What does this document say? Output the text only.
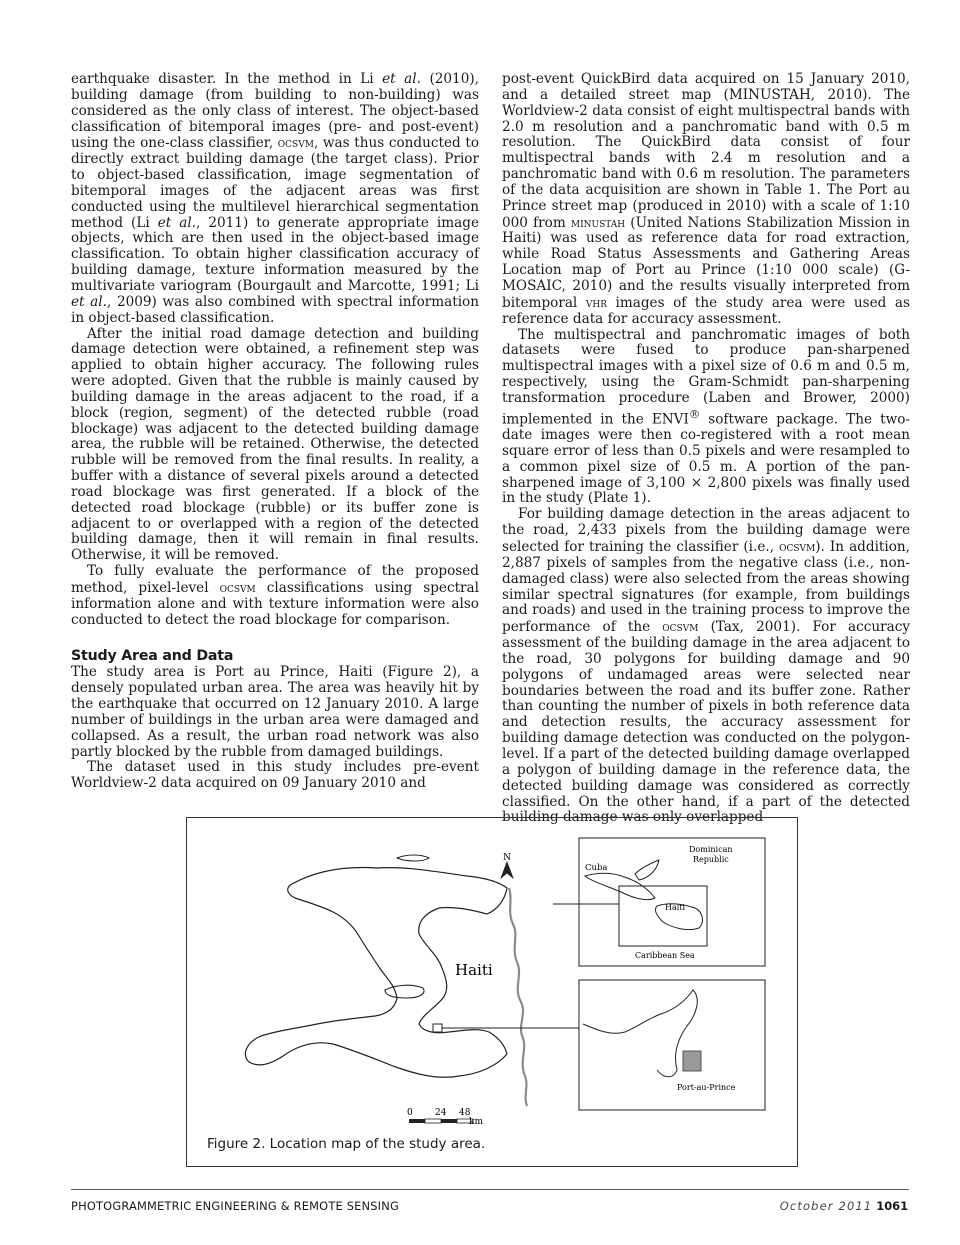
earthquake disaster. In the method in Li et al. (2010), building damage (from building to non-building) was considered as the only class of interest. The object-based classification of bitemporal images (pre- and post-event) using the one-class classifier, ocsvm, was thus conducted to directly extract building damage (the target class). Prior to object-based classification, image segmentation of bitemporal images of the adjacent areas was first conducted using the multilevel hierarchical segmentation method (Li et al., 2011) to generate appropriate image objects, which are then used in the object-based image classification. To obtain higher classification accuracy of building damage, texture information measured by the multivariate variogram (Bourgault and Marcotte, 1991; Li et al., 2009) was also combined with spectral information in object-based classification.

After the initial road damage detection and building damage detection were obtained, a refinement step was applied to obtain higher accuracy. The following rules were adopted. Given that the rubble is mainly caused by building damage in the areas adjacent to the road, if a block (region, segment) of the detected rubble (road blockage) was adjacent to the detected building damage area, the rubble will be retained. Otherwise, the detected rubble will be removed from the final results. In reality, a buffer with a distance of several pixels around a detected road blockage was first generated. If a block of the detected road blockage (rubble) or its buffer zone is adjacent to or overlapped with a region of the detected building damage, then it will remain in final results. Otherwise, it will be removed.

To fully evaluate the performance of the proposed method, pixel-level ocsvm classifications using spectral information alone and with texture information were also conducted to detect the road blockage for comparison.

Study Area and Data

The study area is Port au Prince, Haiti (Figure 2), a densely populated urban area. The area was heavily hit by the earthquake that occurred on 12 January 2010. A large number of buildings in the urban area were damaged and collapsed. As a result, the urban road network was also partly blocked by the rubble from damaged buildings.

The dataset used in this study includes pre-event Worldview-2 data acquired on 09 January 2010 and

post-event QuickBird data acquired on 15 January 2010, and a detailed street map (MINUSTAH, 2010). The Worldview-2 data consist of eight multispectral bands with 2.0 m resolution and a panchromatic band with 0.5 m resolution. The QuickBird data consist of four multispectral bands with 2.4 m resolution and a panchromatic band with 0.6 m resolution. The parameters of the data acquisition are shown in Table 1. The Port au Prince street map (produced in 2010) with a scale of 1:10 000 from minustah (United Nations Stabilization Mission in Haiti) was used as reference data for road extraction, while Road Status Assessments and Gathering Areas Location map of Port au Prince (1:10 000 scale) (G-MOSAIC, 2010) and the results visually interpreted from bitemporal vhr images of the study area were used as reference data for accuracy assessment.

The multispectral and panchromatic images of both datasets were fused to produce pan-sharpened multispectral images with a pixel size of 0.6 m and 0.5 m, respectively, using the Gram-Schmidt pan-sharpening transformation procedure (Laben and Brower, 2000) implemented in the ENVI® software package. The two-date images were then co-registered with a root mean square error of less than 0.5 pixels and were resampled to a common pixel size of 0.5 m. A portion of the pan-sharpened image of 3,100 × 2,800 pixels was finally used in the study (Plate 1).

For building damage detection in the areas adjacent to the road, 2,433 pixels from the building damage were selected for training the classifier (i.e., ocsvm). In addition, 2,887 pixels of samples from the negative class (i.e., non-damaged class) were also selected from the areas showing similar spectral signatures (for example, from buildings and roads) and used in the training process to improve the performance of the ocsvm (Tax, 2001). For accuracy assessment of the building damage in the area adjacent to the road, 30 polygons for building damage and 90 polygons of undamaged areas were selected near boundaries between the road and its buffer zone. Rather than counting the number of pixels in both reference data and detection results, the accuracy assessment for building damage detection was conducted on the polygon-level. If a part of the detected building damage overlapped a polygon of building damage in the reference data, the detected building damage was considered as correctly classified. On the other hand, if a part of the detected building damage was only overlapped

N
Haiti
0 24 48
km
Cuba
Haiti
Dominican
Republic
Caribbean Sea
Port-au-Prince
Figure 2. Location map of the study area.
PHOTOGRAMMETRIC ENGINEERING & REMOTE SENSING	October 2011 1061
